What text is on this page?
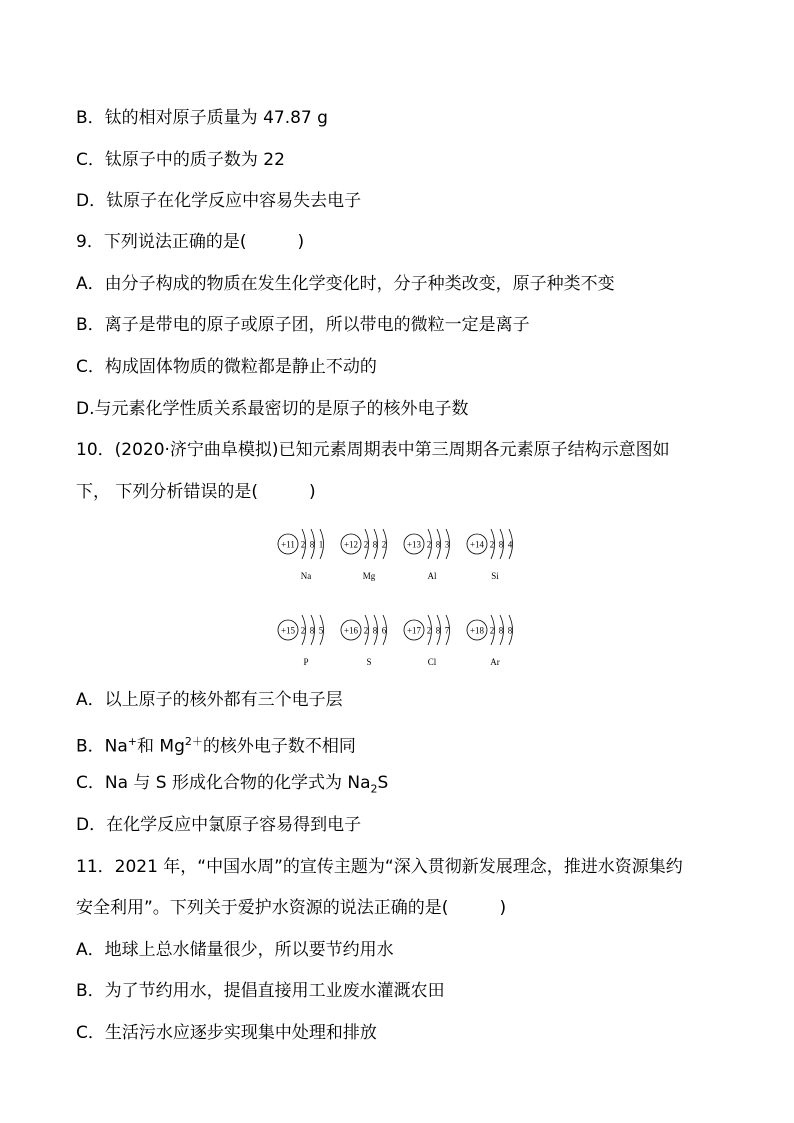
B．钛的相对原子质量为 47.87 g

C．钛原子中的质子数为 22

D．钛原子在化学反应中容易失去电子

9．下列说法正确的是(　　　)

A．由分子构成的物质在发生化学变化时，分子种类改变，原子种类不变

B．离子是带电的原子或原子团，所以带电的微粒一定是离子

C．构成固体物质的微粒都是静止不动的

D.与元素化学性质关系最密切的是原子的核外电子数

10．(2020·济宁曲阜模拟)已知元素周期表中第三周期各元素原子结构示意图如

下， 下列分析错误的是(　　　)

+11 2 8 1
Na
+12 2 8 2
Mg
+13 2 8 3
Al
+14 2 8 4
Si
+15 2 8 5
P
+16 2 8 6
S
+17 2 8 7
Cl
+18 2 8 8
Ar

A．以上原子的核外都有三个电子层

B．Na+和 $Mg^{2+}$的核外电子数不相同

C．Na 与 S 形成化合物的化学式为 $Na_2S$

D．在化学反应中氯原子容易得到电子

11．2021 年，“中国水周”的宣传主题为“深入贯彻新发展理念，推进水资源集约

安全利用”。下列关于爱护水资源的说法正确的是(　　　)

A．地球上总水储量很少，所以要节约用水

B．为了节约用水，提倡直接用工业废水灌溉农田

C．生活污水应逐步实现集中处理和排放
